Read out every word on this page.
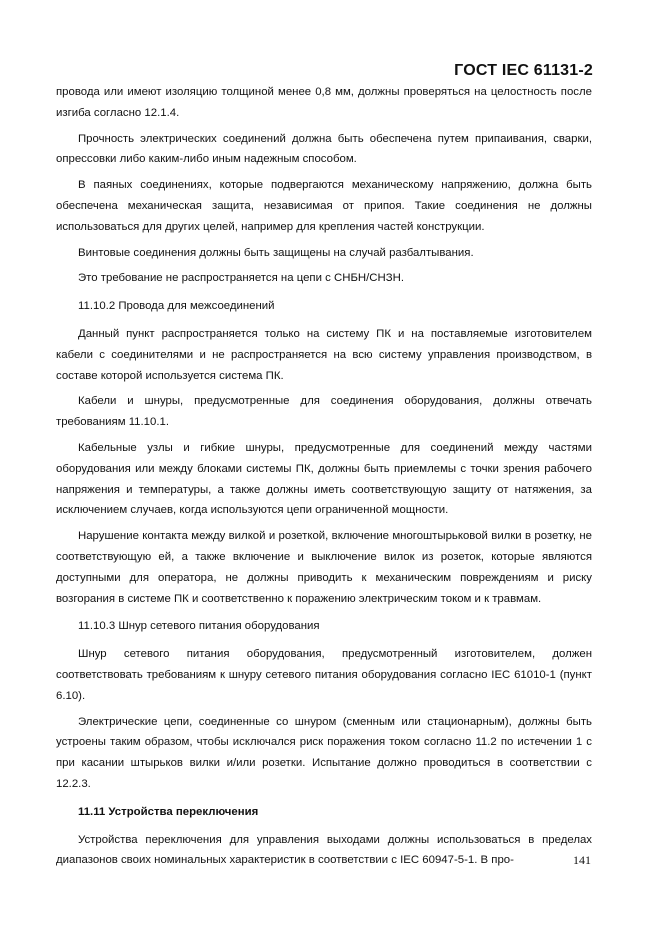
ГОСТ IEC 61131-2

провода или имеют изоляцию толщиной менее 0,8 мм, должны проверяться на целостность после изгиба согласно 12.1.4.

Прочность электрических соединений должна быть обеспечена путем припаивания, сварки, опрессовки либо каким-либо иным надежным способом.

В паяных соединениях, которые подвергаются механическому напряжению, должна быть обеспечена механическая защита, независимая от припоя. Такие соединения не должны использоваться для других целей, например для крепления частей конструкции.

Винтовые соединения должны быть защищены на случай разбалтывания.

Это требование не распространяется на цепи с СНБН/СНЗН.

11.10.2 Провода для межсоединений

Данный пункт распространяется только на систему ПК и на поставляемые изготовителем кабели с соединителями и не распространяется на всю систему управления производством, в составе которой используется система ПК.

Кабели и шнуры, предусмотренные для соединения оборудования, должны отвечать требованиям 11.10.1.

Кабельные узлы и гибкие шнуры, предусмотренные для соединений между частями оборудования или между блоками системы ПК, должны быть приемлемы с точки зрения рабочего напряжения и температуры, а также должны иметь соответствующую защиту от натяжения, за исключением случаев, когда используются цепи ограниченной мощности.

Нарушение контакта между вилкой и розеткой, включение многоштырьковой вилки в розетку, не соответствующую ей, а также включение и выключение вилок из розеток, которые являются доступными для оператора, не должны приводить к механическим повреждениям и риску возгорания в системе ПК и соответственно к поражению электрическим током и к травмам.

11.10.3 Шнур сетевого питания оборудования

Шнур сетевого питания оборудования, предусмотренный изготовителем, должен соответствовать требованиям к шнуру сетевого питания оборудования согласно IEC 61010-1 (пункт 6.10).

Электрические цепи, соединенные со шнуром (сменным или стационарным), должны быть устроены таким образом, чтобы исключался риск поражения током согласно 11.2 по истечении 1 с при касании штырьков вилки и/или розетки. Испытание должно проводиться в соответствии с 12.2.3.

11.11 Устройства переключения

Устройства переключения для управления выходами должны использоваться в пределах диапазонов своих номинальных характеристик в соответствии с IEC 60947-5-1. В про-	141
